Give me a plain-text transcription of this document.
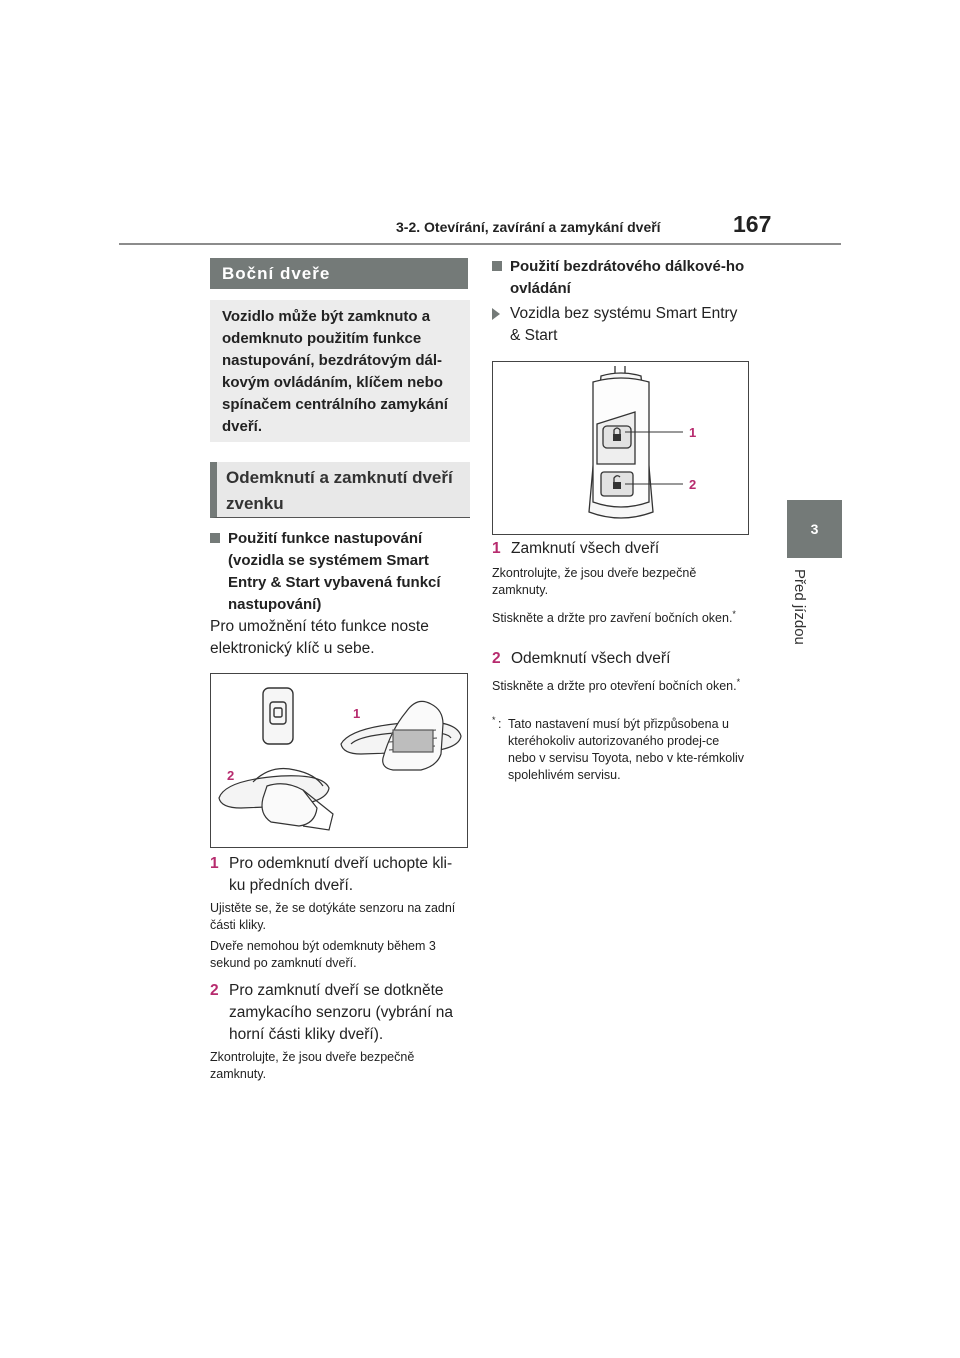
3-2. Otevírání, zavírání a zamykání dveří	167
3
Před jízdou
Boční dveře
Vozidlo může být zamknuto a odemknuto použitím funkce nastupování, bezdrátovým dál-kovým ovládáním, klíčem nebo spínačem centrálního zamykání dveří.
Odemknutí a zamknutí dveří zvenku
Použití funkce nastupování (vozidla se systémem Smart Entry & Start vybavená funkcí nastupování)
Pro umožnění této funkce noste elektronický klíč u sebe.
1
2
1 Pro odemknutí dveří uchopte kli-ku předních dveří.
Ujistěte se, že se dotýkáte senzoru na zadní části kliky.
Dveře nemohou být odemknuty během 3 sekund po zamknutí dveří.
2 Pro zamknutí dveří se dotkněte zamykacího senzoru (vybrání na horní části kliky dveří).
Zkontrolujte, že jsou dveře bezpečně zamknuty.
Použití bezdrátového dálkové-ho ovládání
Vozidla bez systému Smart Entry & Start
1
2
1 Zamknutí všech dveří
Zkontrolujte, že jsou dveře bezpečně zamknuty.
Stiskněte a držte pro zavření bočních oken.*
2 Odemknutí všech dveří
Stiskněte a držte pro otevření bočních oken.*
* : Tato nastavení musí být přizpůsobena u kteréhokoliv autorizovaného prodej-ce nebo v servisu Toyota, nebo v kte-rémkoliv spolehlivém servisu.
